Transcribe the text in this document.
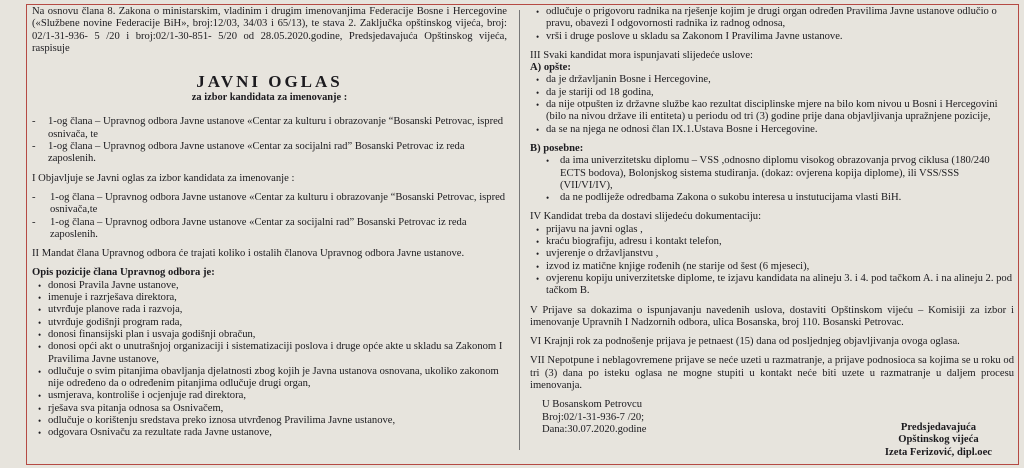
Na osnovu člana 8. Zakona o ministarskim, vladinim i drugim imenovanjima Federacije Bosne i Hercegovine («Službene novine Federacije BiH», broj:12/03, 34/03 i 65/13), te stava 2. Zaključka opštinskog vijeća, broj: 02/1-31-936- 5 /20 i broj:02/1-30-851- 5/20 od 28.05.2020.godine, Predsjedavajuća Opštinskog vijeća, raspisuje

JAVNI OGLAS
za izbor kandidata za imenovanje :
- 1-og člana – Upravnog odbora Javne ustanove «Centar za kulturu i obrazovanje “Bosanski Petrovac, ispred osnivača, te
- 1-og člana – Upravnog odbora Javne ustanove «Centar za socijalni rad” Bosanski Petrovac iz reda zaposlenih.

I Objavljuje se Javni oglas za izbor kandidata za imenovanje :

- 1-og člana – Upravnog odbora Javne ustanove «Centar za kulturu i obrazovanje “Bosanski Petrovac, ispred osnivača,te
- 1-og člana – Upravnog odbora Javne ustanove «Centar za socijalni rad” Bosanski Petrovac iz reda zaposlenih.

II Mandat člana Upravnog odbora će trajati koliko i ostalih članova Upravnog odbora Javne ustanove.

Opis pozicije člana Upravnog odbora je:

• donosi Pravila Javne ustanove,
• imenuje i razrješava direktora,
• utvrđuje planove rada i razvoja,
• utvrđuje godišnji program rada,
• donosi finansijski plan i usvaja godišnji obračun,
• donosi opći akt o unutrašnjoj organizaciji i sistematizaciji poslova i druge opće akte u skladu sa Zakonom I Pravilima Javne ustanove,
• odlučuje o svim pitanjima obavljanja djelatnosti zbog kojih je Javna ustanova osnovana, ukoliko zakonom nije određeno da o određenim pitanjima odlučuje drugi organ,
• usmjerava, kontroliše i ocjenjuje rad direktora,
• rješava sva pitanja odnosa sa Osnivačem,
• odlučuje o korištenju sredstava preko iznosa utvrđenog Pravilima Javne ustanove,
• odgovara Osnivaču za rezultate rada Javne ustanove,
• odlučuje o prigovoru radnika na rješenje kojim je drugi organ određen Pravilima Javne ustanove odlučio o pravu, obavezi I odgovornosti radnika iz radnog odnosa,
• vrši i druge poslove u skladu sa Zakonom I Pravilima Javne ustanove.

III Svaki kandidat mora ispunjavati slijedeće uslove:

A) opšte:

• da je državljanin Bosne i Hercegovine,
• da je stariji od 18 godina,
• da nije otpušten iz državne službe kao rezultat disciplinske mjere na bilo kom nivou u Bosni i Hercegovini (bilo na nivou države ili entiteta) u periodu od tri (3) godine prije dana objavljivanja upražnjene pozicije,
• da se na njega ne odnosi član IX.1.Ustava Bosne i Hercegovine.

B) posebne:

• da ima univerzitetsku diplomu – VSS ,odnosno diplomu visokog obrazovanja prvog ciklusa (180/240 ECTS bodova), Bolonjskog sistema studiranja. (dokaz: ovjerena kopija diplome), ili VSS/SSS (VII/VI/IV),
• da ne podliježe odredbama Zakona o sukobu interesa u instutucijama vlasti BiH.

IV Kandidat treba da dostavi slijedeću dokumentaciju:

• prijavu na javni oglas ,
• kraću biografiju, adresu i kontakt telefon,
• uvjerenje o državljanstvu ,
• izvod iz matične knjige rođenih (ne starije od šest (6 mjeseci),
• ovjerenu kopiju univerzitetske diplome, te izjavu kandidata na alineju 3. i 4. pod tačkom A. i na alineju 2. pod tačkom B.

V Prijave sa dokazima o ispunjavanju navedenih uslova, dostaviti Opštinskom vijeću – Komisiji za izbor i imenovanje Upravnih I Nadzornih odbora, ulica Bosanska, broj 110. Bosanski Petrovac.

VI Krajnji rok za podnošenje prijava je petnaest (15) dana od posljednjeg objavljivanja ovoga oglasa.

VII Nepotpune i neblagovremene prijave se neće uzeti u razmatranje, a prijave podnosioca sa kojima se u roku od tri (3) dana po isteku oglasa ne mogne stupiti u kontakt neće biti uzete u razmatranje u daljem procesu imenovanja.

U Bosanskom Petrovcu
Broj:02/1-31-936-7 /20;
Dana:30.07.2020.godine	Predsjedavajuća
Opštinskog vijeća
Izeta Ferizović, dipl.oec
